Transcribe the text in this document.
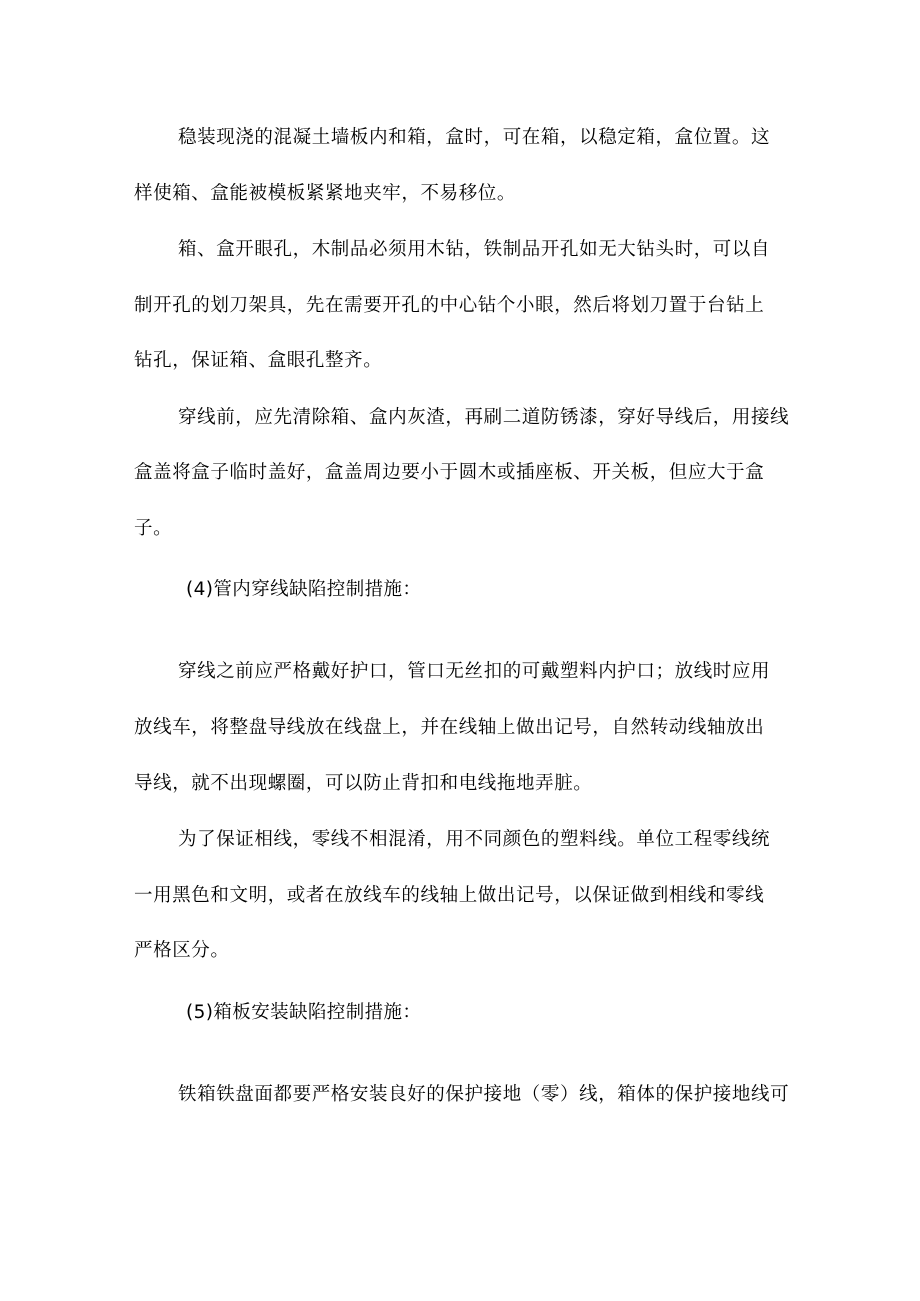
稳装现浇的混凝土墙板内和箱，盒时，可在箱，以稳定箱，盒位置。这
样使箱、盒能被模板紧紧地夹牢，不易移位。
箱、盒开眼孔，木制品必须用木钻，铁制品开孔如无大钻头时，可以自
制开孔的划刀架具，先在需要开孔的中心钻个小眼，然后将划刀置于台钻上
钻孔，保证箱、盒眼孔整齐。
穿线前，应先清除箱、盒内灰渣，再刷二道防锈漆，穿好导线后，用接线
盒盖将盒子临时盖好，盒盖周边要小于圆木或插座板、开关板，但应大于盒
子。
(4)管内穿线缺陷控制措施：
穿线之前应严格戴好护口，管口无丝扣的可戴塑料内护口；放线时应用
放线车，将整盘导线放在线盘上，并在线轴上做出记号，自然转动线轴放出
导线，就不出现螺圈，可以防止背扣和电线拖地弄脏。
为了保证相线，零线不相混淆，用不同颜色的塑料线。单位工程零线统
一用黑色和文明，或者在放线车的线轴上做出记号，以保证做到相线和零线
严格区分。
(5)箱板安装缺陷控制措施：
铁箱铁盘面都要严格安装良好的保护接地（零）线，箱体的保护接地线可
